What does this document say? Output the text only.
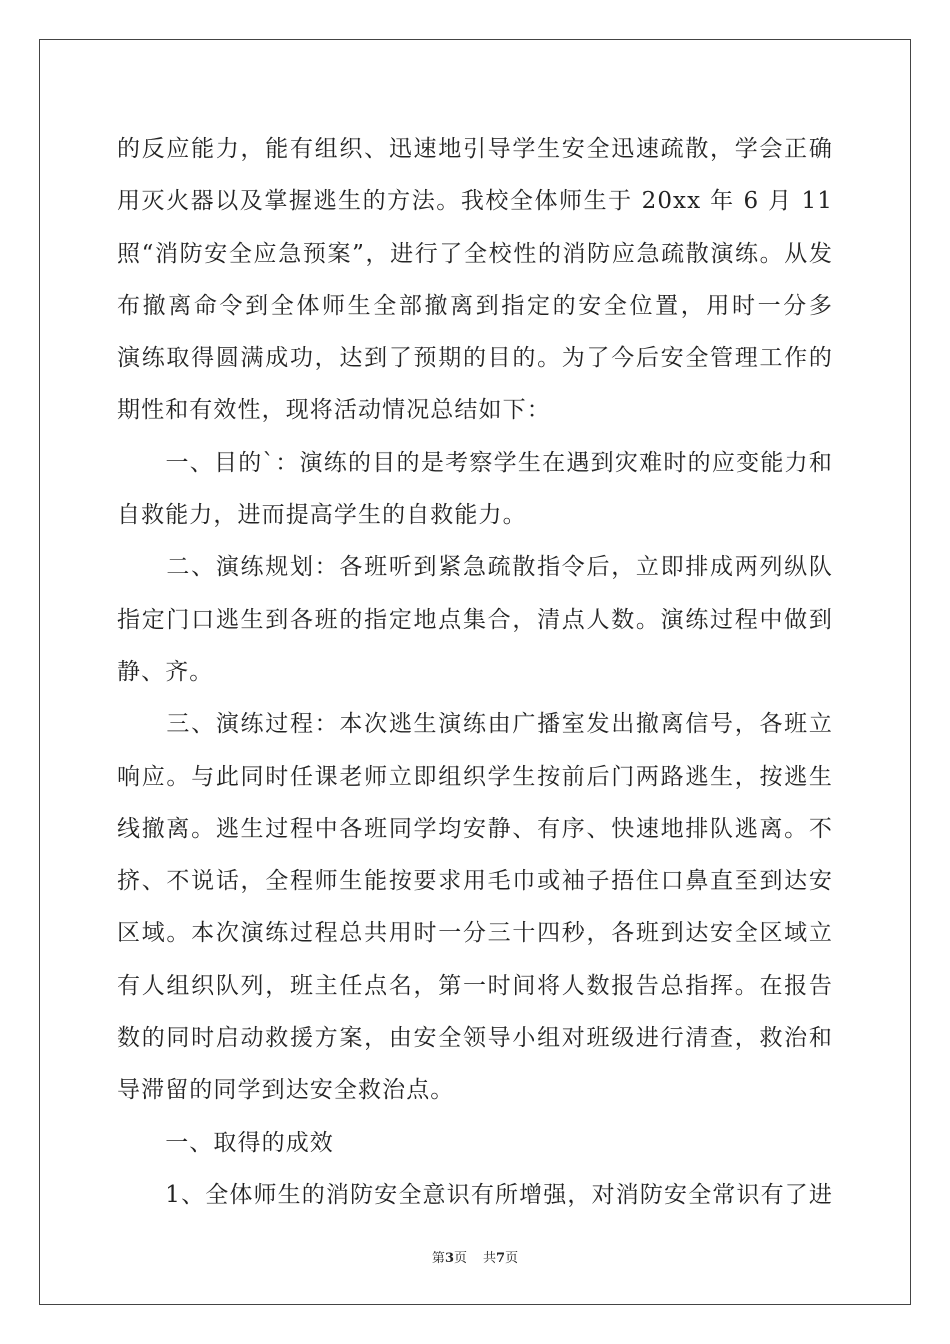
的反应能力，能有组织、迅速地引导学生安全迅速疏散，学会正确
用灭火器以及掌握逃生的方法。我校全体师生于 20xx 年 6 月 11
照“消防安全应急预案”，进行了全校性的消防应急疏散演练。从发
布撤离命令到全体师生全部撤离到指定的安全位置，用时一分多
演练取得圆满成功，达到了预期的目的。为了今后安全管理工作的
期性和有效性，现将活动情况总结如下：
　　一、目的`：演练的目的是考察学生在遇到灾难时的应变能力和
自救能力，进而提高学生的自救能力。
　　二、演练规划：各班听到紧急疏散指令后，立即排成两列纵队
指定门口逃生到各班的指定地点集合，清点人数。演练过程中做到
静、齐。
　　三、演练过程：本次逃生演练由广播室发出撤离信号，各班立
响应。与此同时任课老师立即组织学生按前后门两路逃生，按逃生
线撤离。逃生过程中各班同学均安静、有序、快速地排队逃离。不
挤、不说话，全程师生能按要求用毛巾或袖子捂住口鼻直至到达安
区域。本次演练过程总共用时一分三十四秒，各班到达安全区域立
有人组织队列，班主任点名，第一时间将人数报告总指挥。在报告
数的同时启动救援方案，由安全领导小组对班级进行清查，救治和
导滞留的同学到达安全救治点。
　　一、取得的成效
　　1、全体师生的消防安全意识有所增强，对消防安全常识有了进
第3页 共7页
